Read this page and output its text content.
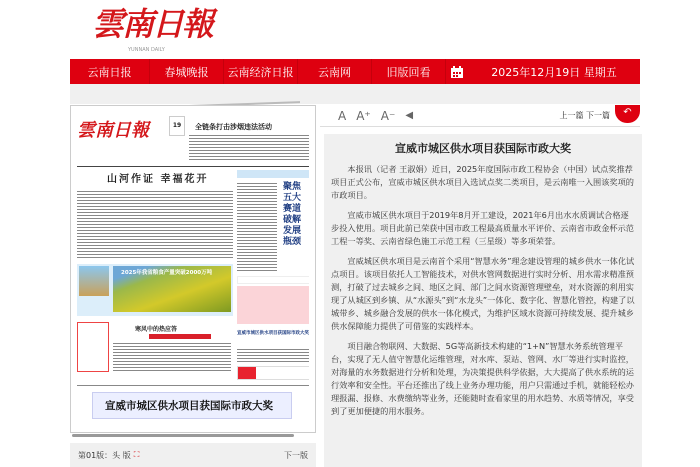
雲南日報
YUNNAN DAILY
云南日报	春城晚报	云南经济日报	云南网	旧版回看	2025年12月19日 星期五
雲南日報	19	全链条打击涉烟违法活动
山河作证 幸福花开
聚焦五大赛道 破解发展瓶颈
2025年我省粮食产量突破2000万吨
宣威市城区供水项目获国际市政大奖
寒风中的热应答
第01版：头 版 ⛶	下一版
A A⁺ A⁻ ◀︎	上一篇 下一篇	↶
宣威市城区供水项目获国际市政大奖

本报讯（记者 王淑娟）近日，2025年度国际市政工程协会（中国）试点奖推荐项目正式公布，宣威市城区供水项目入选试点奖二类项目，是云南唯一入围该奖项的市政项目。

宣威市城区供水项目于2019年8月开工建设，2021年6月出水水质调试合格逐步投入使用。项目此前已荣获中国市政工程最高质量水平评价、云南省市政金杯示范工程一等奖、云南省绿色施工示范工程（三星级）等多项荣誉。

宣威城区供水项目是云南首个采用“智慧水务”理念建设管理的城乡供水一体化试点项目。该项目依托人工智能技术，对供水管网数据进行实时分析、用水需求精准预测，打破了过去城乡之间、地区之间、部门之间水资源管理壁垒，对水资源的利用实现了从城区到乡镇、从“水源头”到“水龙头”一体化、数字化、智慧化管控，构建了以城带乡、城乡融合发展的供水一体化模式，为维护区域水资源可持续发展、提升城乡供水保障能力提供了可借鉴的实践样本。

项目融合物联网、大数据、5G等高新技术构建的“1+N”智慧水务系统管理平台，实现了无人值守智慧化运维管理，对水库、泵站、管网、水厂等进行实时监控，对海量的水务数据进行分析和处理，为决策提供科学依据，大大提高了供水系统的运行效率和安全性。平台还推出了线上业务办理功能，用户只需通过手机，就能轻松办理报漏、报修、水费缴纳等业务，还能随时查看家里的用水趋势、水质等情况，享受到了更加便捷的用水服务。

宣威市城区供水项目获国际市政大奖
